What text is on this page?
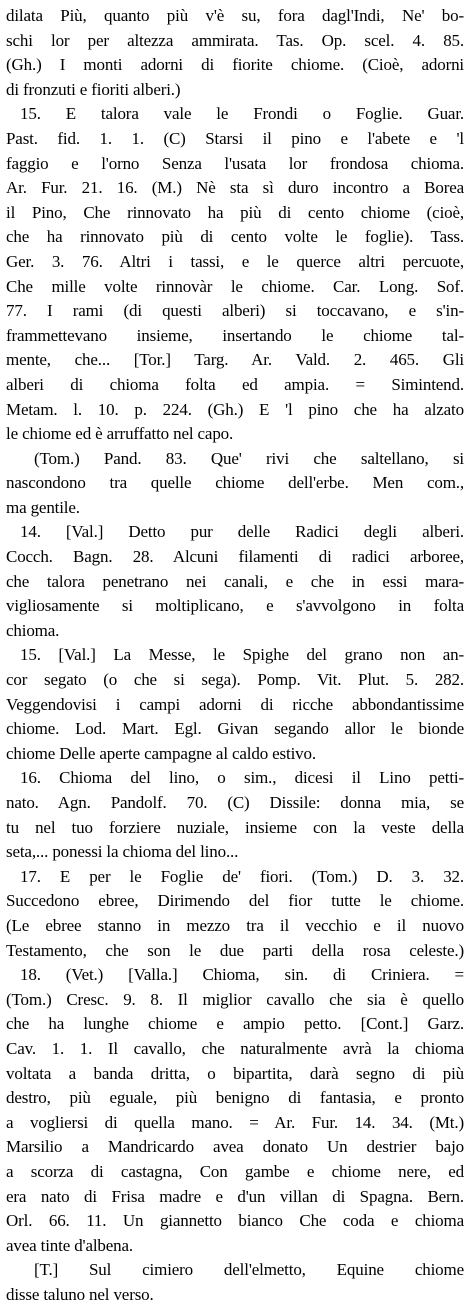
dilata Più, quanto più v'è su, fora dagl'Indi, Ne' bo-
schi lor per altezza ammirata. Tas. Op. scel. 4. 85.
(Gh.) I monti adorni di fiorite chiome. (Cioè, adorni
di fronzuti e fioriti alberi.)
15. E talora vale le Frondi o Foglie. Guar.
Past. fid. 1. 1. (C) Starsi il pino e l'abete e 'l
faggio e l'orno Senza l'usata lor frondosa chioma.
Ar. Fur. 21. 16. (M.) Nè sta sì duro incontro a Borea
il Pino, Che rinnovato ha più di cento chiome (cioè,
che ha rinnovato più di cento volte le foglie). Tass.
Ger. 3. 76. Altri i tassi, e le querce altri percuote,
Che mille volte rinnovàr le chiome. Car. Long. Sof.
77. I rami (di questi alberi) si toccavano, e s'in-
frammettevano insieme, insertando le chiome tal-
mente, che... [Tor.] Targ. Ar. Vald. 2. 465. Gli
alberi di chioma folta ed ampia. = Simintend.
Metam. l. 10. p. 224. (Gh.) E 'l pino che ha alzato
le chiome ed è arruffatto nel capo.
(Tom.) Pand. 83. Que' rivi che saltellano, si
nascondono tra quelle chiome dell'erbe. Men com.,
ma gentile.
14. [Val.] Detto pur delle Radici degli alberi.
Cocch. Bagn. 28. Alcuni filamenti di radici arboree,
che talora penetrano nei canali, e che in essi mara-
vigliosamente si moltiplicano, e s'avvolgono in folta
chioma.
15. [Val.] La Messe, le Spighe del grano non an-
cor segato (o che si sega). Pomp. Vit. Plut. 5. 282.
Veggendovisi i campi adorni di ricche abbondantissime
chiome. Lod. Mart. Egl. Givan segando allor le bionde
chiome Delle aperte campagne al caldo estivo.
16. Chioma del lino, o sim., dicesi il Lino petti-
nato. Agn. Pandolf. 70. (C) Dissile: donna mia, se
tu nel tuo forziere nuziale, insieme con la veste della
seta,... ponessi la chioma del lino...
17. E per le Foglie de' fiori. (Tom.) D. 3. 32.
Succedono ebree, Dirimendo del fior tutte le chiome.
(Le ebree stanno in mezzo tra il vecchio e il nuovo
Testamento, che son le due parti della rosa celeste.)
18. (Vet.) [Valla.] Chioma, sin. di Criniera. =
(Tom.) Cresc. 9. 8. Il miglior cavallo che sia è quello
che ha lunghe chiome e ampio petto. [Cont.] Garz.
Cav. 1. 1. Il cavallo, che naturalmente avrà la chioma
voltata a banda dritta, o bipartita, darà segno di più
destro, più eguale, più benigno di fantasia, e pronto
a vogliersi di quella mano. = Ar. Fur. 14. 34. (Mt.)
Marsilio a Mandricardo avea donato Un destrier bajo
a scorza di castagna, Con gambe e chiome nere, ed
era nato di Frisa madre e d'un villan di Spagna. Bern.
Orl. 66. 11. Un giannetto bianco Che coda e chioma
avea tinte d'albena.
[T.] Sul cimiero dell'elmetto, Equine chiome
disse taluno nel verso.
